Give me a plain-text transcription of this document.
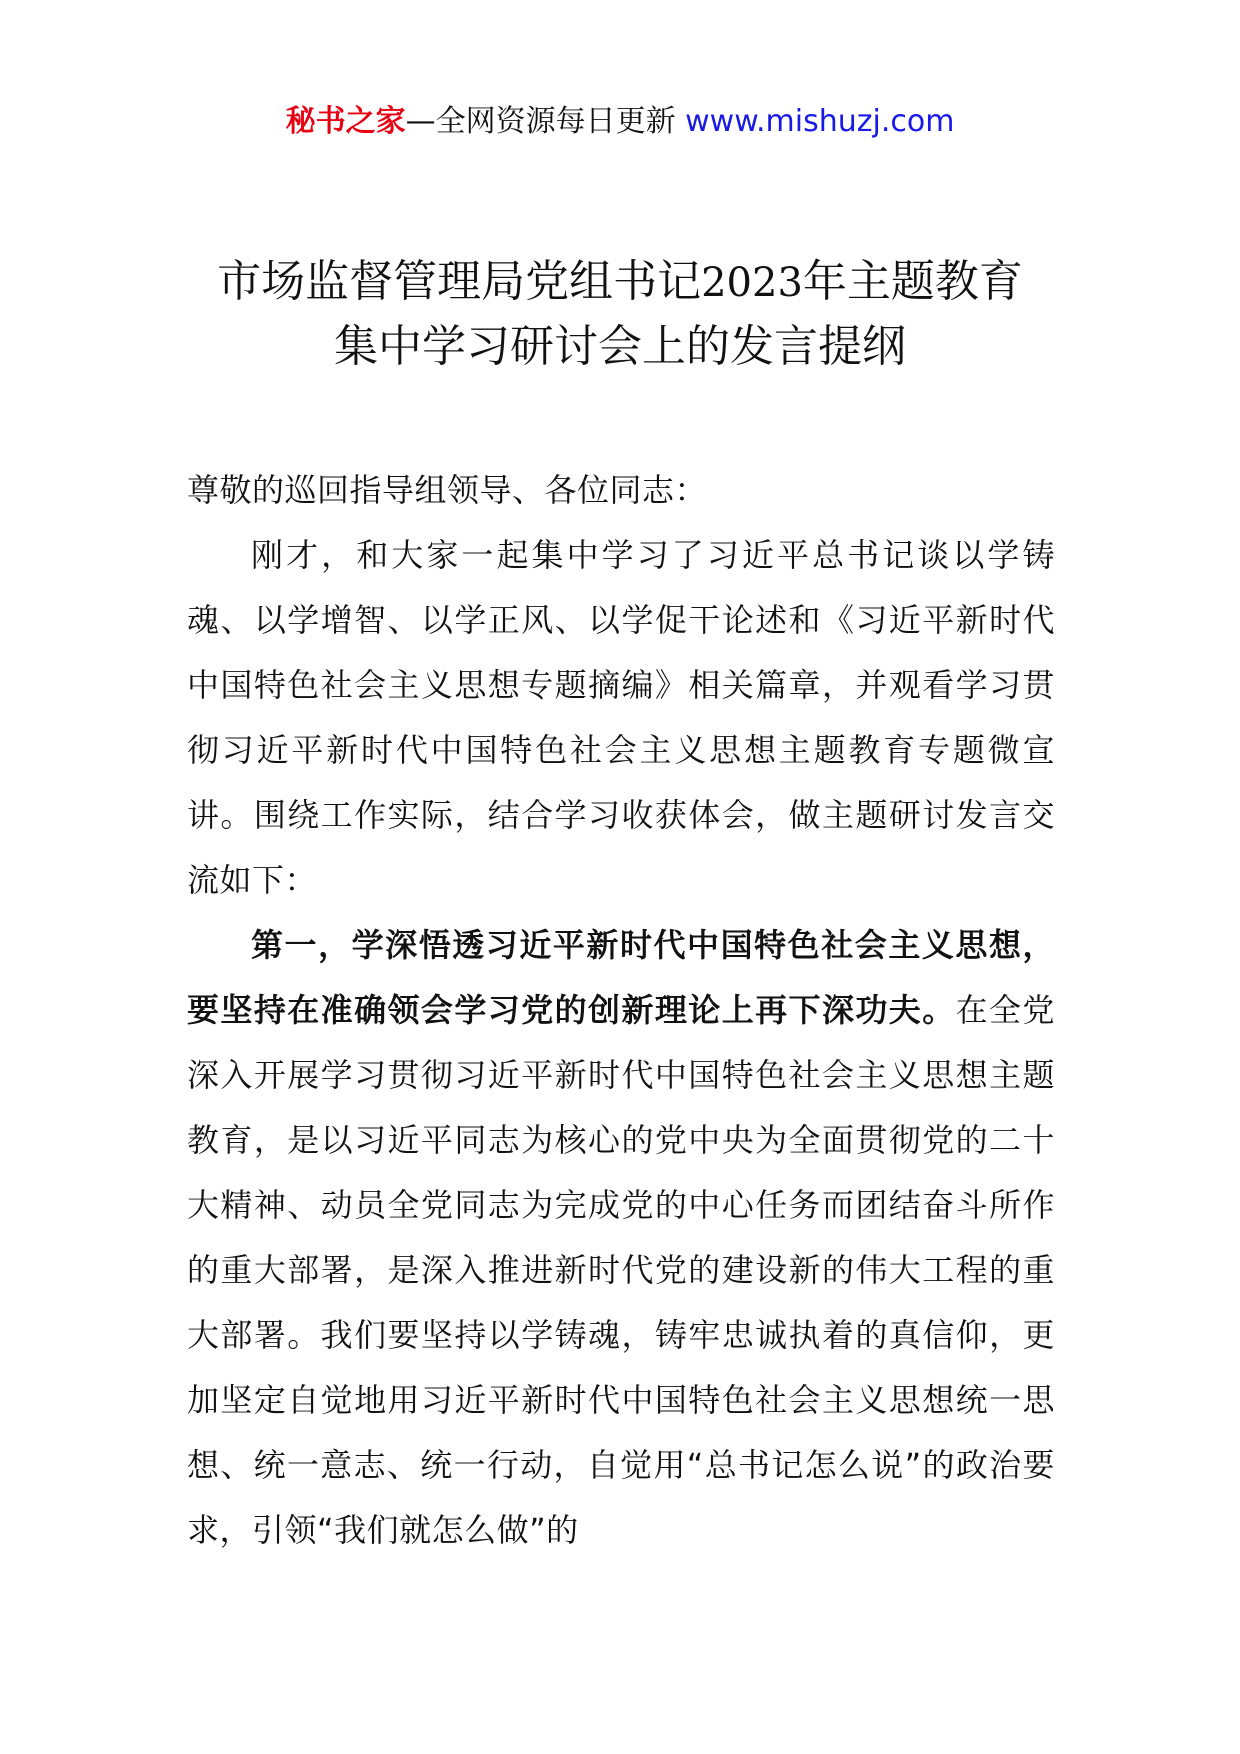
秘书之家—全网资源每日更新 www.mishuzj.com
市场监督管理局党组书记2023年主题教育
集中学习研讨会上的发言提纲

尊敬的巡回指导组领导、各位同志：

刚才，和大家一起集中学习了习近平总书记谈以学铸魂、以学增智、以学正风、以学促干论述和《习近平新时代中国特色社会主义思想专题摘编》相关篇章，并观看学习贯彻习近平新时代中国特色社会主义思想主题教育专题微宣讲。围绕工作实际，结合学习收获体会，做主题研讨发言交流如下：

第一，学深悟透习近平新时代中国特色社会主义思想，要坚持在准确领会学习党的创新理论上再下深功夫。在全党深入开展学习贯彻习近平新时代中国特色社会主义思想主题教育，是以习近平同志为核心的党中央为全面贯彻党的二十大精神、动员全党同志为完成党的中心任务而团结奋斗所作的重大部署，是深入推进新时代党的建设新的伟大工程的重大部署。我们要坚持以学铸魂，铸牢忠诚执着的真信仰，更加坚定自觉地用习近平新时代中国特色社会主义思想统一思想、统一意志、统一行动，自觉用“总书记怎么说”的政治要求，引领“我们就怎么做”的
